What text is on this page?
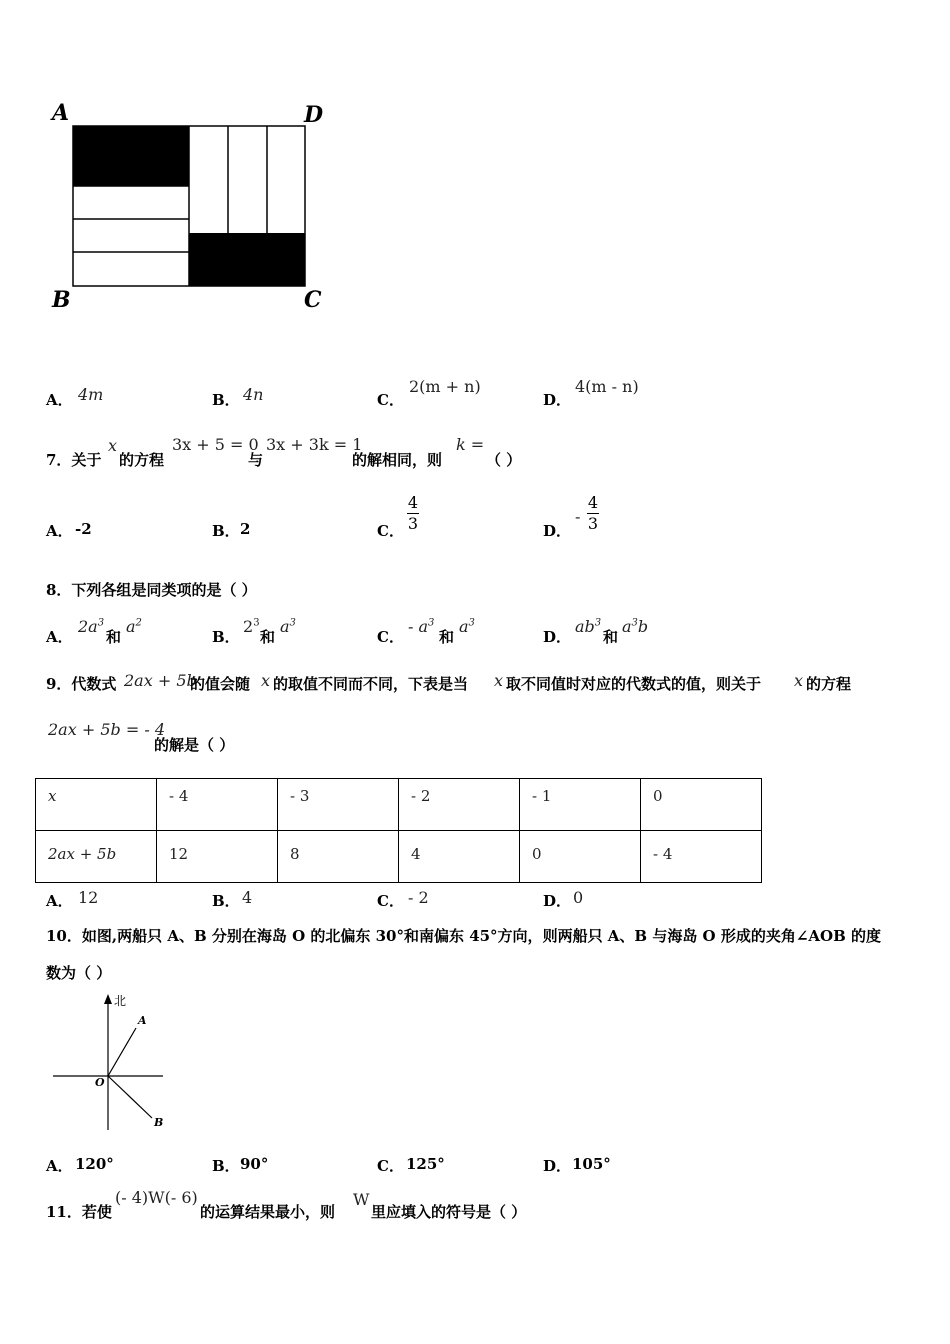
A	D
B	C
A． 4m	B． 4n	C．
2(m + n)
D．
4(m - n)
7．关于
x
的方程
3x + 5 = 0
与
3x + 3k = 1
的解相同，则
k =
（ ）
A． -2	B． 2	C．
4
3	D．
-
4
3
8．下列各组是同类项的是（ ）
A．
$2a^3$
和
$a^2$
B．
$2^3$
和
$a^3$
C．
- $a^3$
和
$a^3$
D．
$ab^3$
和
$a^3b$
9．代数式 2ax + 5b
的值会随 x 的取值不同而不同，下表是当 x 取不同值时对应的代数式的值，则关于 x 的方程
2ax + 5b = - 4
的解是（ ）
x	- 4	- 3	- 2	- 1	0
2ax + 5b	12	8	4	0	- 4
A． 12	B． 4	C． - 2	D． 0
10．如图,两船只 A、B 分别在海岛 O 的北偏东 30°和南偏东 45°方向，则两船只 A、B 与海岛 O 形成的夹角∠AOB 的度
数为（ ）
北
A
O
B
A． 120°	B． 90°	C． 125°	D． 105°
11．若使
(- 4)W(- 6)
的运算结果最小，则
W
里应填入的符号是（ ）
